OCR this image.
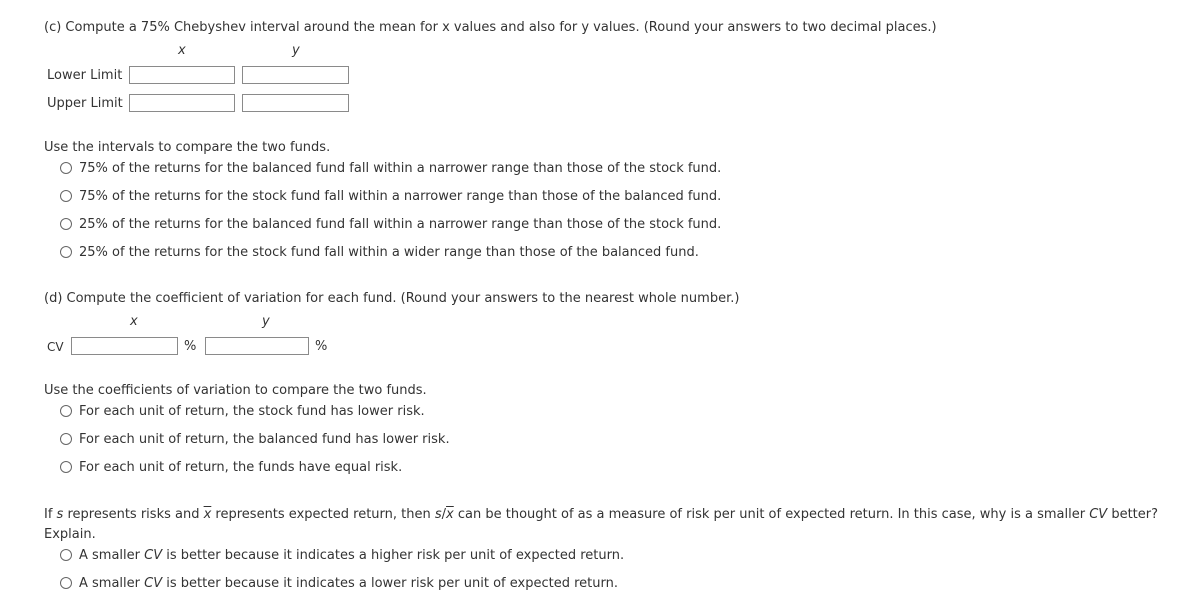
(c) Compute a 75% Chebyshev interval around the mean for x values and also for y values. (Round your answers to two decimal places.)
x	y
Lower Limit
Upper Limit
Use the intervals to compare the two funds.
75% of the returns for the balanced fund fall within a narrower range than those of the stock fund.
75% of the returns for the stock fund fall within a narrower range than those of the balanced fund.
25% of the returns for the balanced fund fall within a narrower range than those of the stock fund.
25% of the returns for the stock fund fall within a wider range than those of the balanced fund.
(d) Compute the coefficient of variation for each fund. (Round your answers to the nearest whole number.)
x	y
CV	%	%
Use the coefficients of variation to compare the two funds.
For each unit of return, the stock fund has lower risk.
For each unit of return, the balanced fund has lower risk.
For each unit of return, the funds have equal risk.
If s represents risks and $\overline{x}$ represents expected return, then $s/\overline{x}$ can be thought of as a measure of risk per unit of expected return. In this case, why is a smaller CV better?
Explain.
A smaller CV is better because it indicates a higher risk per unit of expected return.
A smaller CV is better because it indicates a lower risk per unit of expected return.
